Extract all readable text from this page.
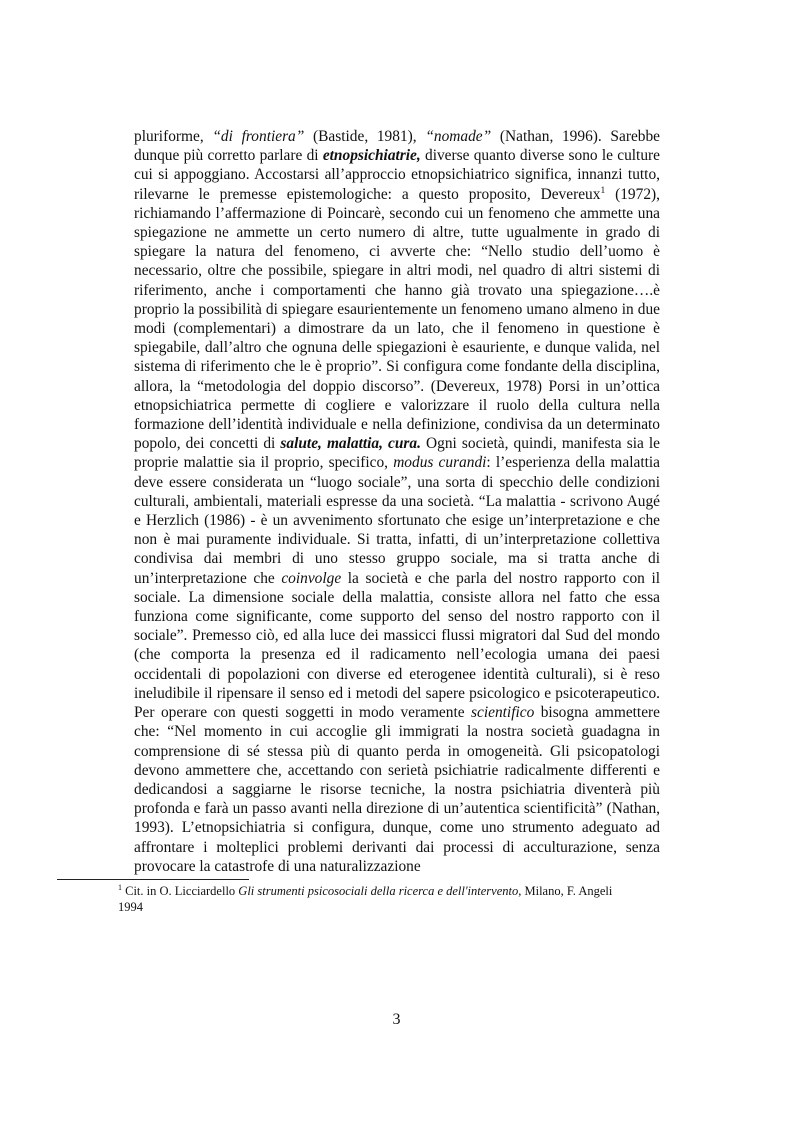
pluriforme, “di frontiera” (Bastide, 1981), “nomade” (Nathan, 1996). Sarebbe dunque più corretto parlare di etnopsichiatrie, diverse quanto diverse sono le culture cui si appoggiano. Accostarsi all’approccio etnopsichiatrico significa, innanzi tutto, rilevarne le premesse epistemologiche: a questo proposito, Devereux$^1$ (1972), richiamando l’affermazione di Poincarè, secondo cui un fenomeno che ammette una spiegazione ne ammette un certo numero di altre, tutte ugualmente in grado di spiegare la natura del fenomeno, ci avverte che: “Nello studio dell’uomo è necessario, oltre che possibile, spiegare in altri modi, nel quadro di altri sistemi di riferimento, anche i comportamenti che hanno già trovato una spiegazione….è proprio la possibilità di spiegare esaurientemente un fenomeno umano almeno in due modi (complementari) a dimostrare da un lato, che il fenomeno in questione è spiegabile, dall’altro che ognuna delle spiegazioni è esauriente, e dunque valida, nel sistema di riferimento che le è proprio”. Si configura come fondante della disciplina, allora, la “metodologia del doppio discorso”. (Devereux, 1978) Porsi in un’ottica etnopsichiatrica permette di cogliere e valorizzare il ruolo della cultura nella formazione dell’identità individuale e nella definizione, condivisa da un determinato popolo, dei concetti di salute, malattia, cura. Ogni società, quindi, manifesta sia le proprie malattie sia il proprio, specifico, modus curandi: l’esperienza della malattia deve essere considerata un “luogo sociale”, una sorta di specchio delle condizioni culturali, ambientali, materiali espresse da una società. “La malattia - scrivono Augé e Herzlich (1986) - è un avvenimento sfortunato che esige un’interpretazione e che non è mai puramente individuale. Si tratta, infatti, di un’interpretazione collettiva condivisa dai membri di uno stesso gruppo sociale, ma si tratta anche di un’interpretazione che coinvolge la società e che parla del nostro rapporto con il sociale. La dimensione sociale della malattia, consiste allora nel fatto che essa funziona come significante, come supporto del senso del nostro rapporto con il sociale”. Premesso ciò, ed alla luce dei massicci flussi migratori dal Sud del mondo (che comporta la presenza ed il radicamento nell’ecologia umana dei paesi occidentali di popolazioni con diverse ed eterogenee identità culturali), si è reso ineludibile il ripensare il senso ed i metodi del sapere psicologico e psicoterapeutico. Per operare con questi soggetti in modo veramente scientifico bisogna ammettere che: “Nel momento in cui accoglie gli immigrati la nostra società guadagna in comprensione di sé stessa più di quanto perda in omogeneità. Gli psicopatologi devono ammettere che, accettando con serietà psichiatrie radicalmente differenti e dedicandosi a saggiarne le risorse tecniche, la nostra psichiatria diventerà più profonda e farà un passo avanti nella direzione di un’autentica scientificità” (Nathan, 1993). L’etnopsichiatria si configura, dunque, come uno strumento adeguato ad affrontare i molteplici problemi derivanti dai processi di acculturazione, senza provocare la catastrofe di una naturalizzazione

$^1$ Cit. in O. Licciardello Gli strumenti psicosociali della ricerca e dell'intervento, Milano, F. Angeli
1994
3
